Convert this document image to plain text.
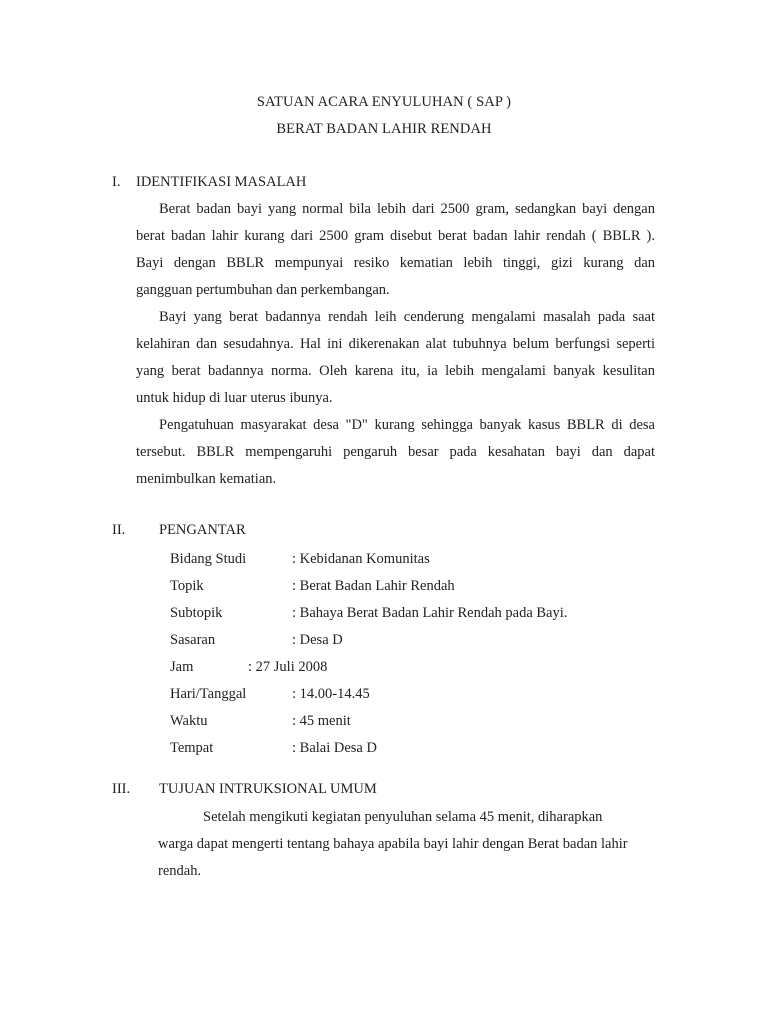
SATUAN ACARA ENYULUHAN ( SAP )
BERAT BADAN LAHIR RENDAH
I. IDENTIFIKASI MASALAH
Berat badan bayi yang normal bila lebih dari 2500 gram, sedangkan bayi dengan
berat badan lahir kurang dari 2500 gram disebut berat badan lahir rendah ( BBLR ).
Bayi dengan BBLR mempunyai resiko kematian lebih tinggi, gizi kurang dan
gangguan pertumbuhan dan perkembangan.
Bayi yang berat badannya rendah leih cenderung mengalami masalah pada saat
kelahiran dan sesudahnya. Hal ini dikerenakan alat tubuhnya belum berfungsi seperti
yang berat badannya norma. Oleh karena itu, ia lebih mengalami banyak kesulitan
untuk hidup di luar uterus ibunya.
Pengatuhuan masyarakat desa "D" kurang sehingga banyak kasus BBLR di desa
tersebut. BBLR mempengaruhi pengaruh besar pada kesahatan bayi dan dapat
menimbulkan kematian.
II. PENGANTAR
Bidang Studi	: Kebidanan Komunitas
Topik	: Berat Badan Lahir Rendah
Subtopik	: Bahaya Berat Badan Lahir Rendah pada Bayi.
Sasaran	: Desa D
Jam	: 27 Juli 2008
Hari/Tanggal	: 14.00-14.45
Waktu	: 45 menit
Tempat	: Balai Desa D
III. TUJUAN INTRUKSIONAL UMUM
Setelah mengikuti kegiatan penyuluhan selama 45 menit, diharapkan
warga dapat mengerti tentang bahaya apabila bayi lahir dengan Berat badan lahir
rendah.
